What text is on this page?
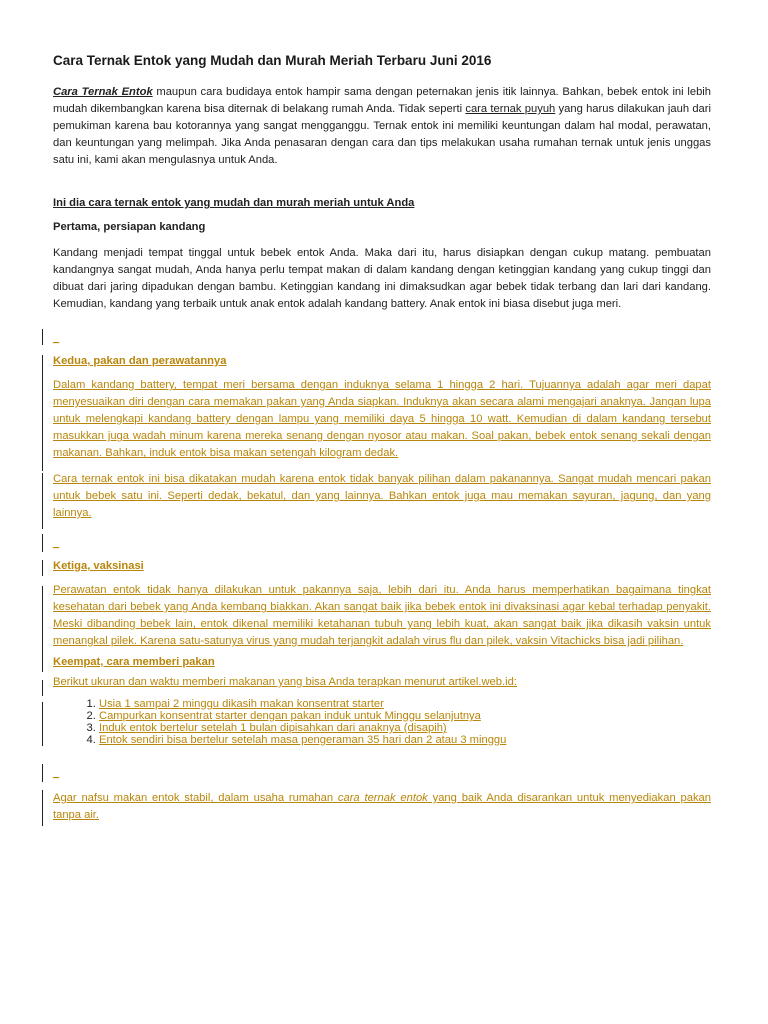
Cara Ternak Entok yang Mudah dan Murah Meriah Terbaru Juni 2016

Cara Ternak Entok maupun cara budidaya entok hampir sama dengan peternakan jenis itik lainnya. Bahkan, bebek entok ini lebih mudah dikembangkan karena bisa diternak di belakang rumah Anda. Tidak seperti cara ternak puyuh yang harus dilakukan jauh dari pemukiman karena bau kotorannya yang sangat mengganggu. Ternak entok ini memiliki keuntungan dalam hal modal, perawatan, dan keuntungan yang melimpah. Jika Anda penasaran dengan cara dan tips melakukan usaha rumahan ternak untuk jenis unggas satu ini, kami akan mengulasnya untuk Anda.

Ini dia cara ternak entok yang mudah dan murah meriah untuk Anda
Pertama, persiapan kandang

Kandang menjadi tempat tinggal untuk bebek entok Anda. Maka dari itu, harus disiapkan dengan cukup matang. pembuatan kandangnya sangat mudah, Anda hanya perlu tempat makan di dalam kandang dengan ketinggian kandang yang cukup tinggi dan dibuat dari jaring dipadukan dengan bambu. Ketinggian kandang ini dimaksudkan agar bebek tidak terbang dan lari dari kandang. Kemudian, kandang yang terbaik untuk anak entok adalah kandang battery. Anak entok ini biasa disebut juga meri.

_
Kedua, pakan dan perawatannya

Dalam kandang battery, tempat meri bersama dengan induknya selama 1 hingga 2 hari. Tujuannya adalah agar meri dapat menyesuaikan diri dengan cara memakan pakan yang Anda siapkan. Induknya akan secara alami mengajari anaknya. Jangan lupa untuk melengkapi kandang battery dengan lampu yang memiliki daya 5 hingga 10 watt. Kemudian di dalam kandang tersebut masukkan juga wadah minum karena mereka senang dengan nyosor atau makan. Soal pakan, bebek entok senang sekali dengan makanan. Bahkan, induk entok bisa makan setengah kilogram dedak.

Cara ternak entok ini bisa dikatakan mudah karena entok tidak banyak pilihan dalam pakanannya. Sangat mudah mencari pakan untuk bebek satu ini. Seperti dedak, bekatul, dan yang lainnya. Bahkan entok juga mau memakan sayuran, jagung, dan yang lainnya.

_
Ketiga, vaksinasi

Perawatan entok tidak hanya dilakukan untuk pakannya saja, lebih dari itu. Anda harus memperhatikan bagaimana tingkat kesehatan dari bebek yang Anda kembang biakkan. Akan sangat baik jika bebek entok ini divaksinasi agar kebal terhadap penyakit. Meski dibanding bebek lain, entok dikenal memiliki ketahanan tubuh yang lebih kuat, akan sangat baik jika dikasih vaksin untuk menangkal pilek. Karena satu-satunya virus yang mudah terjangkit adalah virus flu dan pilek, vaksin Vitachicks bisa jadi pilihan.

Keempat, cara memberi pakan

Berikut ukuran dan waktu memberi makanan yang bisa Anda terapkan menurut artikel.web.id:

1. Usia 1 sampai 2 minggu dikasih makan konsentrat starter
2. Campurkan konsentrat starter dengan pakan induk untuk Minggu selanjutnya
3. Induk entok bertelur setelah 1 bulan dipisahkan dari anaknya (disapih)
4. Entok sendiri bisa bertelur setelah masa pengeraman 35 hari dan 2 atau 3 minggu
_

Agar nafsu makan entok stabil, dalam usaha rumahan cara ternak entok yang baik Anda disarankan untuk menyediakan pakan tanpa air.
